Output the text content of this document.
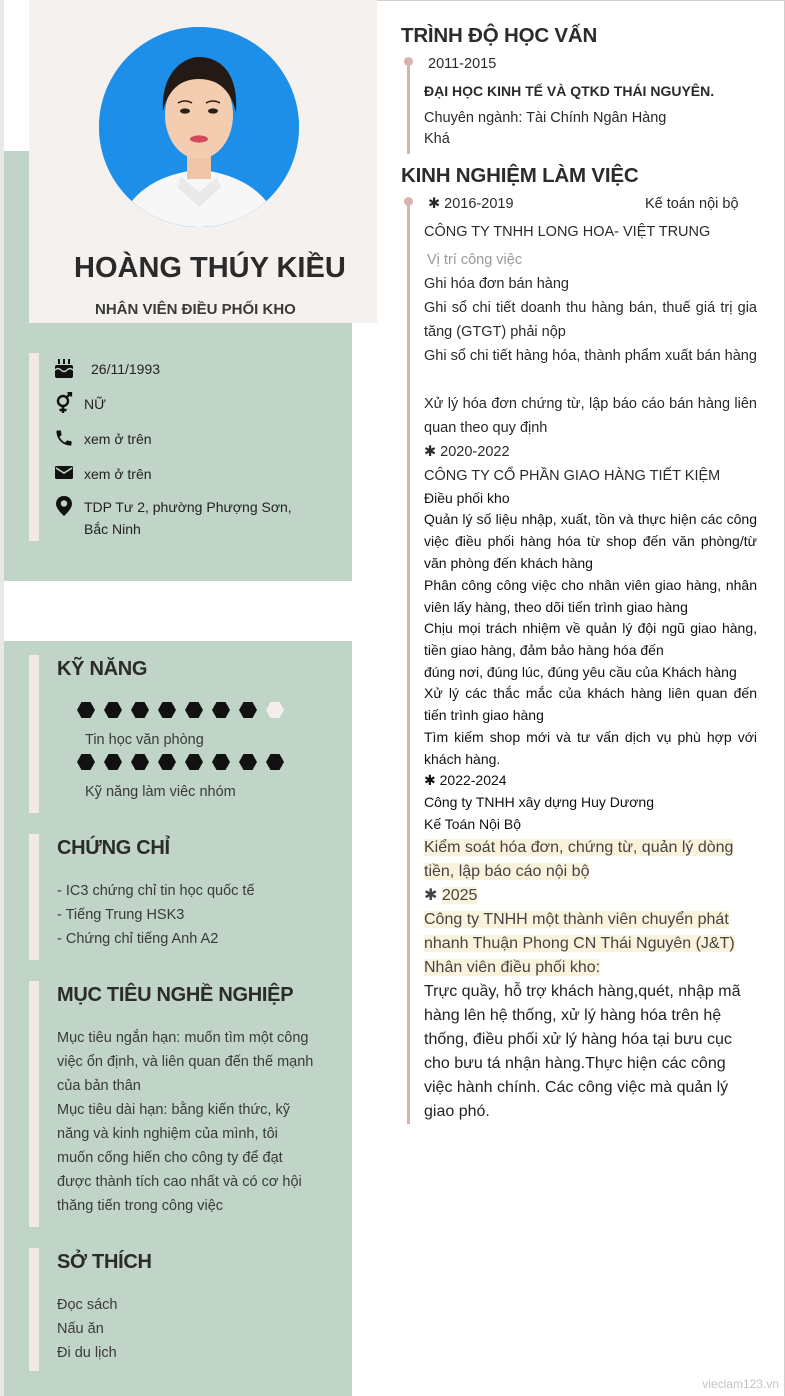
HOÀNG THÚY KIỀU
NHÂN VIÊN ĐIỀU PHỐI KHO
26/11/1993
NỮ
xem ở trên
xem ở trên
TDP Tư 2, phường Phượng Sơn,
Bắc Ninh
KỸ NĂNG
Tin học văn phòng
Kỹ năng làm viêc nhóm
CHỨNG CHỈ
- IC3 chứng chỉ tin học quốc tế
- Tiếng Trung HSK3
- Chứng chỉ tiếng Anh A2
MỤC TIÊU NGHỀ NGHIỆP
Mục tiêu ngắn hạn: muốn tìm một công
việc ổn định, và liên quan đến thế mạnh
của bản thân
Mục tiêu dài hạn: bằng kiến thức, kỹ
năng và kinh nghiệm của mình, tôi
muốn cống hiến cho công ty để đạt
được thành tích cao nhất và có cơ hội
thăng tiến trong công việc
SỞ THÍCH
Đọc sách
Nấu ăn
Đi du lịch
TRÌNH ĐỘ HỌC VẤN
2011-2015
ĐẠI HỌC KINH TẾ VÀ QTKD THÁI NGUYÊN.
Chuyên ngành: Tài Chính Ngân Hàng
Khá
KINH NGHIỆM LÀM VIỆC
✱ 2016-2019	Kế toán nội bộ
CÔNG TY TNHH LONG HOA- VIỆT TRUNG
Vị trí công việc
Ghi hóa đơn bán hàng
Ghi sổ chi tiết doanh thu hàng bán, thuế giá trị gia tăng (GTGT) phải nộp
Ghi sổ chi tiết hàng hóa, thành phẩm xuất bán hàng
Xử lý hóa đơn chứng từ, lập báo cáo bán hàng liên quan theo quy định
✱ 2020-2022
CÔNG TY CỔ PHẦN GIAO HÀNG TIẾT KIỆM
Điều phối kho
Quản lý số liệu nhập, xuất, tồn và thực hiện các công việc điều phối hàng hóa từ shop đến văn phòng/từ văn phòng đến khách hàng
Phân công công việc cho nhân viên giao hàng, nhân viên lấy hàng, theo dõi tiến trình giao hàng
Chịu mọi trách nhiệm về quản lý đội ngũ giao hàng, tiền giao hàng, đảm bảo hàng hóa đến
đúng nơi, đúng lúc, đúng yêu cầu của Khách hàng
Xử lý các thắc mắc của khách hàng liên quan đến tiến trình giao hàng
Tìm kiếm shop mới và tư vấn dịch vụ phù hợp với khách hàng.
✱ 2022-2024
Công ty TNHH xây dựng Huy Dương
Kế Toán Nội Bộ
Kiểm soát hóa đơn, chứng từ, quản lý dòng tiền, lập báo cáo nội bộ
✱ 2025
Công ty TNHH một thành viên chuyển phát nhanh Thuận Phong CN Thái Nguyên (J&T)
Nhân viên điều phối kho:
Trực quầy, hỗ trợ khách hàng,quét, nhập mã hàng lên hệ thống, xử lý hàng hóa trên hệ thống, điều phối xử lý hàng hóa tại bưu cục cho bưu tá nhận hàng.Thực hiện các công việc hành chính. Các công việc mà quản lý giao phó.
vieclam123.vn
